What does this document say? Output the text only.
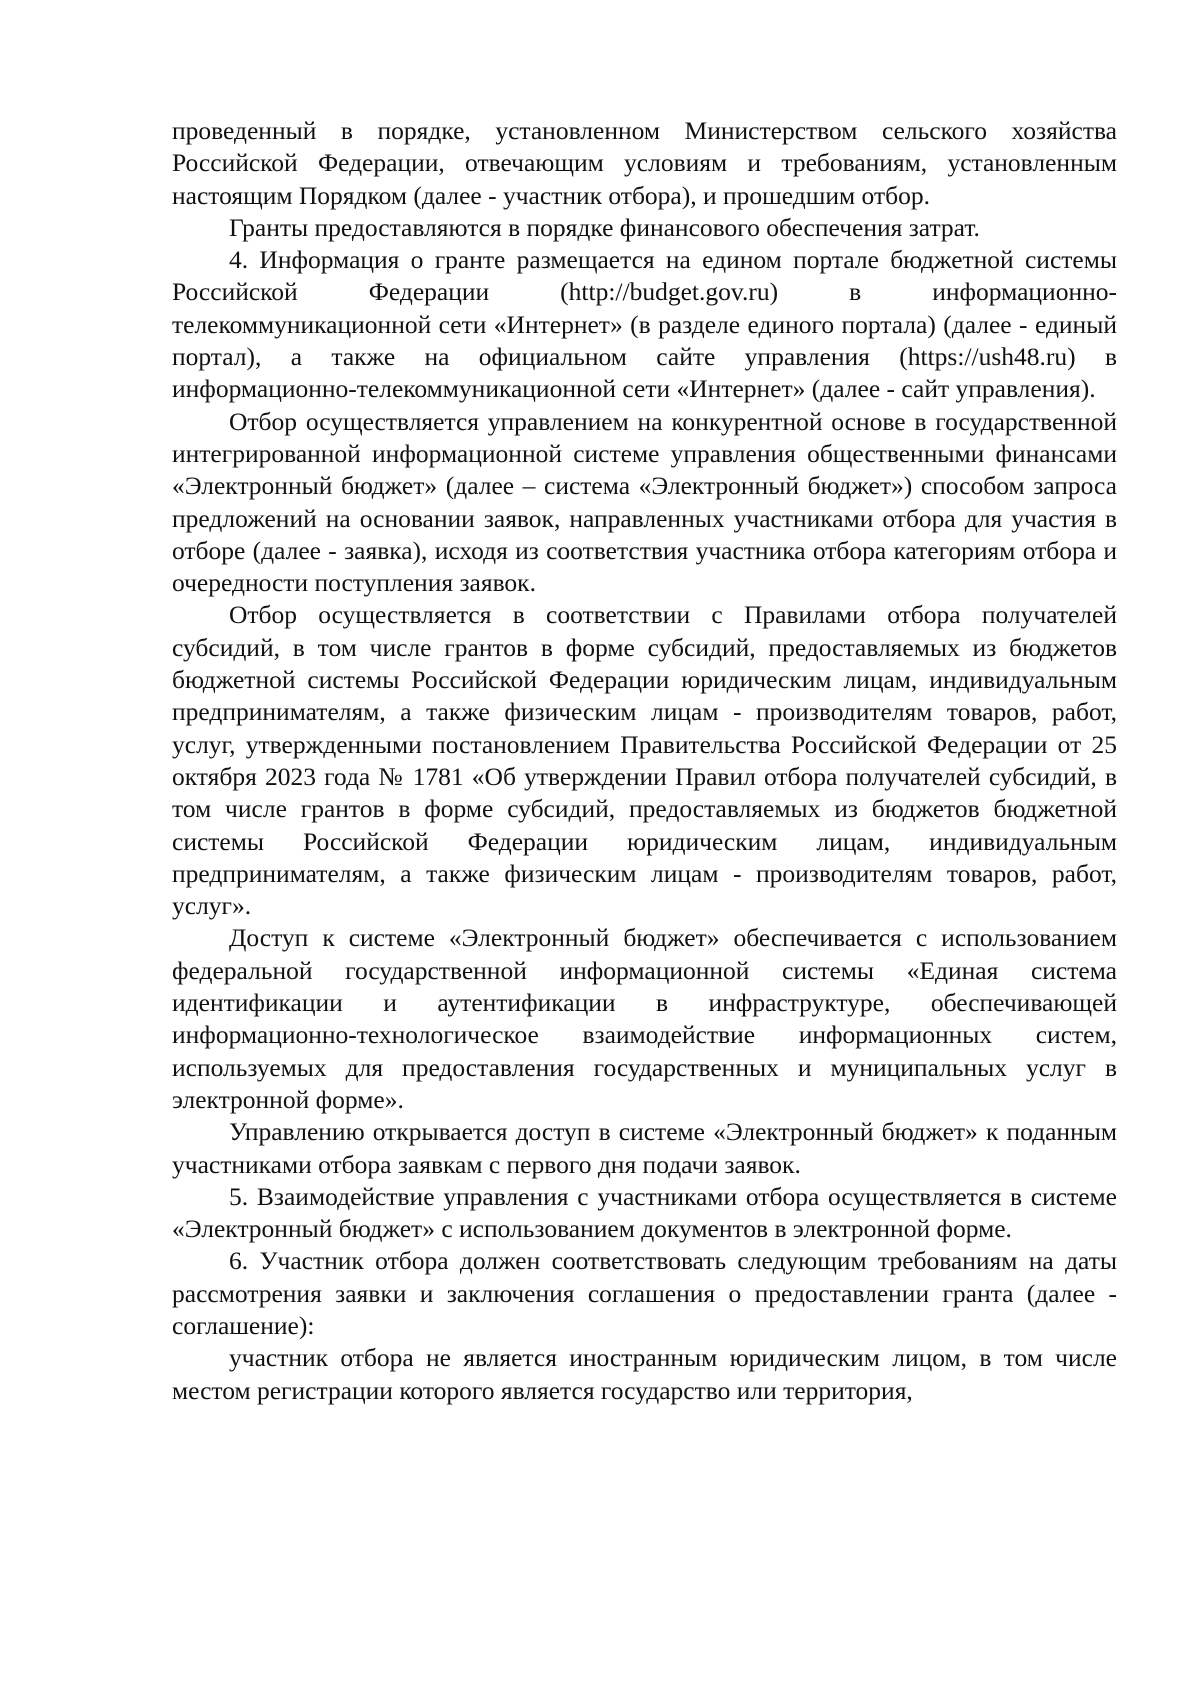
проведенный в порядке, установленном Министерством сельского хозяйства Российской Федерации, отвечающим условиям и требованиям, установленным настоящим Порядком (далее - участник отбора), и прошедшим отбор.

Гранты предоставляются в порядке финансового обеспечения затрат.

4. Информация о гранте размещается на едином портале бюджетной системы Российской Федерации (http://budget.gov.ru) в информационно-телекоммуникационной сети «Интернет» (в разделе единого портала) (далее - единый портал), а также на официальном сайте управления (https://ush48.ru) в информационно-телекоммуникационной сети «Интернет» (далее - сайт управления).

Отбор осуществляется управлением на конкурентной основе в государственной интегрированной информационной системе управления общественными финансами «Электронный бюджет» (далее – система «Электронный бюджет») способом запроса предложений на основании заявок, направленных участниками отбора для участия в отборе (далее - заявка), исходя из соответствия участника отбора категориям отбора и очередности поступления заявок.

Отбор осуществляется в соответствии с Правилами отбора получателей субсидий, в том числе грантов в форме субсидий, предоставляемых из бюджетов бюджетной системы Российской Федерации юридическим лицам, индивидуальным предпринимателям, а также физическим лицам - производителям товаров, работ, услуг, утвержденными постановлением Правительства Российской Федерации от 25 октября 2023 года № 1781 «Об утверждении Правил отбора получателей субсидий, в том числе грантов в форме субсидий, предоставляемых из бюджетов бюджетной системы Российской Федерации юридическим лицам, индивидуальным предпринимателям, а также физическим лицам - производителям товаров, работ, услуг».

Доступ к системе «Электронный бюджет» обеспечивается с использованием федеральной государственной информационной системы «Единая система идентификации и аутентификации в инфраструктуре, обеспечивающей информационно-технологическое взаимодействие информационных систем, используемых для предоставления государственных и муниципальных услуг в электронной форме».

Управлению открывается доступ в системе «Электронный бюджет» к поданным участниками отбора заявкам с первого дня подачи заявок.

5. Взаимодействие управления с участниками отбора осуществляется в системе «Электронный бюджет» с использованием документов в электронной форме.

6. Участник отбора должен соответствовать следующим требованиям на даты рассмотрения заявки и заключения соглашения о предоставлении гранта (далее - соглашение):

участник отбора не является иностранным юридическим лицом, в том числе местом регистрации которого является государство или территория,
